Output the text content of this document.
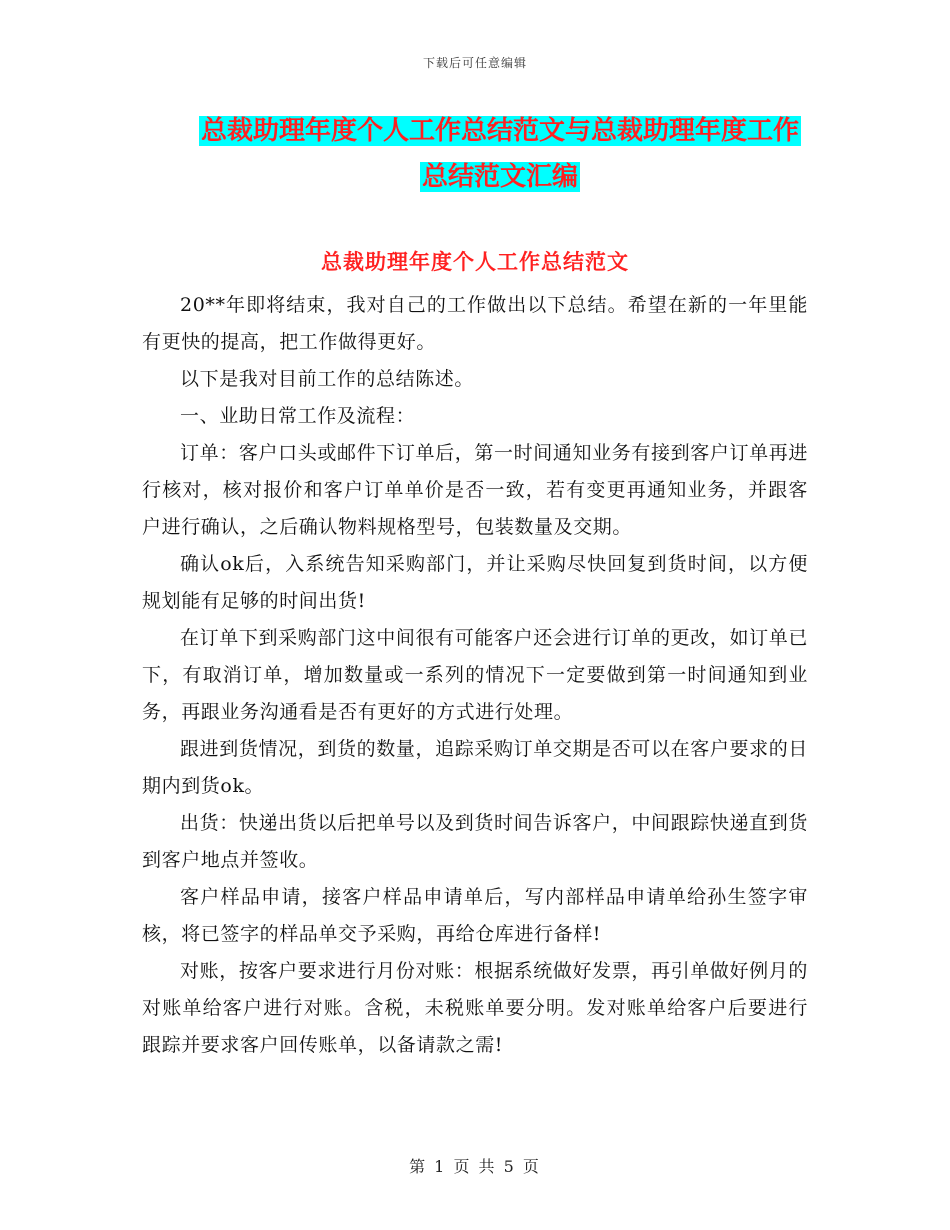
下载后可任意编辑
总裁助理年度个人工作总结范文与总裁助理年度工作
总结范文汇编
总裁助理年度个人工作总结范文

20**年即将结束，我对自己的工作做出以下总结。希望在新的一年里能有更快的提高，把工作做得更好。

以下是我对目前工作的总结陈述。

一、业助日常工作及流程：

订单：客户口头或邮件下订单后，第一时间通知业务有接到客户订单再进行核对，核对报价和客户订单单价是否一致，若有变更再通知业务，并跟客户进行确认，之后确认物料规格型号，包装数量及交期。

确认ok后，入系统告知采购部门，并让采购尽快回复到货时间，以方便规划能有足够的时间出货!

在订单下到采购部门这中间很有可能客户还会进行订单的更改，如订单已下，有取消订单，增加数量或一系列的情况下一定要做到第一时间通知到业务，再跟业务沟通看是否有更好的方式进行处理。

跟进到货情况，到货的数量，追踪采购订单交期是否可以在客户要求的日期内到货ok。

出货：快递出货以后把单号以及到货时间告诉客户，中间跟踪快递直到货到客户地点并签收。

客户样品申请，接客户样品申请单后，写内部样品申请单给孙生签字审核，将已签字的样品单交予采购，再给仓库进行备样!

对账，按客户要求进行月份对账：根据系统做好发票，再引单做好例月的对账单给客户进行对账。含税，未税账单要分明。发对账单给客户后要进行跟踪并要求客户回传账单，以备请款之需!

第 1 页 共 5 页
